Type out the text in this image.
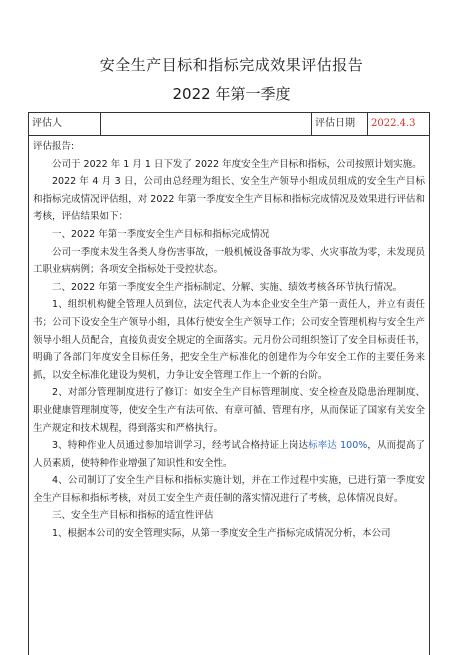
安全生产目标和指标完成效果评估报告
2022 年第一季度
评估人	评估日期	2022.4.3

评估报告:

公司于 2022 年 1 月 1 日下发了 2022 年度安全生产目标和指标，公司按照计划实施。

2022 年 4 月 3 日，公司由总经理为组长、安全生产领导小组成员组成的安全生产目标和指标完成情况评估组，对 2022 年第一季度安全生产目标和指标完成情况及效果进行评估和考核，评估结果如下：

一、2022 年第一季度安全生产目标和指标完成情况

公司一季度未发生各类人身伤害事故，一般机械设备事故为零、火灾事故为零，未发现员工职业病病例；各项安全指标处于受控状态。

二、2022 年第一季度安全生产指标制定、分解、实施、绩效考核各环节执行情况。

1、组织机构健全管理人员到位，法定代表人为本企业安全生产第一责任人，并立有责任书；公司下设安全生产领导小组，具体行使安全生产领导工作；公司安全管理机构与安全生产领导小组人员配合，直接负责安全规定的全面落实。元月份公司组织签订了安全目标责任书，明确了各部门年度安全目标任务，把安全生产标准化的创建作为今年安全工作的主要任务来抓，以安全标准化建设为契机，力争让安全管理工作上一个新的台阶。

2、对部分管理制度进行了修订：如安全生产目标管理制度、安全检查及隐患治理制度、职业健康管理制度等，使安全生产有法可依、有章可循、管理有序，从而保证了国家有关安全生产规定和技术规程，得到落实和严格执行。

3、特种作业人员通过参加培训学习，经考试合格持证上岗达标率达 100%，从而提高了人员素质，使特种作业增强了知识性和安全性。

4、公司制订了安全生产目标和指标实施计划，并在工作过程中实施，已进行第一季度安全生产目标和指标考核，对员工安全生产责任制的落实情况进行了考核，总体情况良好。

三、安全生产目标和指标的适宜性评估

1、根据本公司的安全管理实际，从第一季度安全生产指标完成情况分析，本公司
